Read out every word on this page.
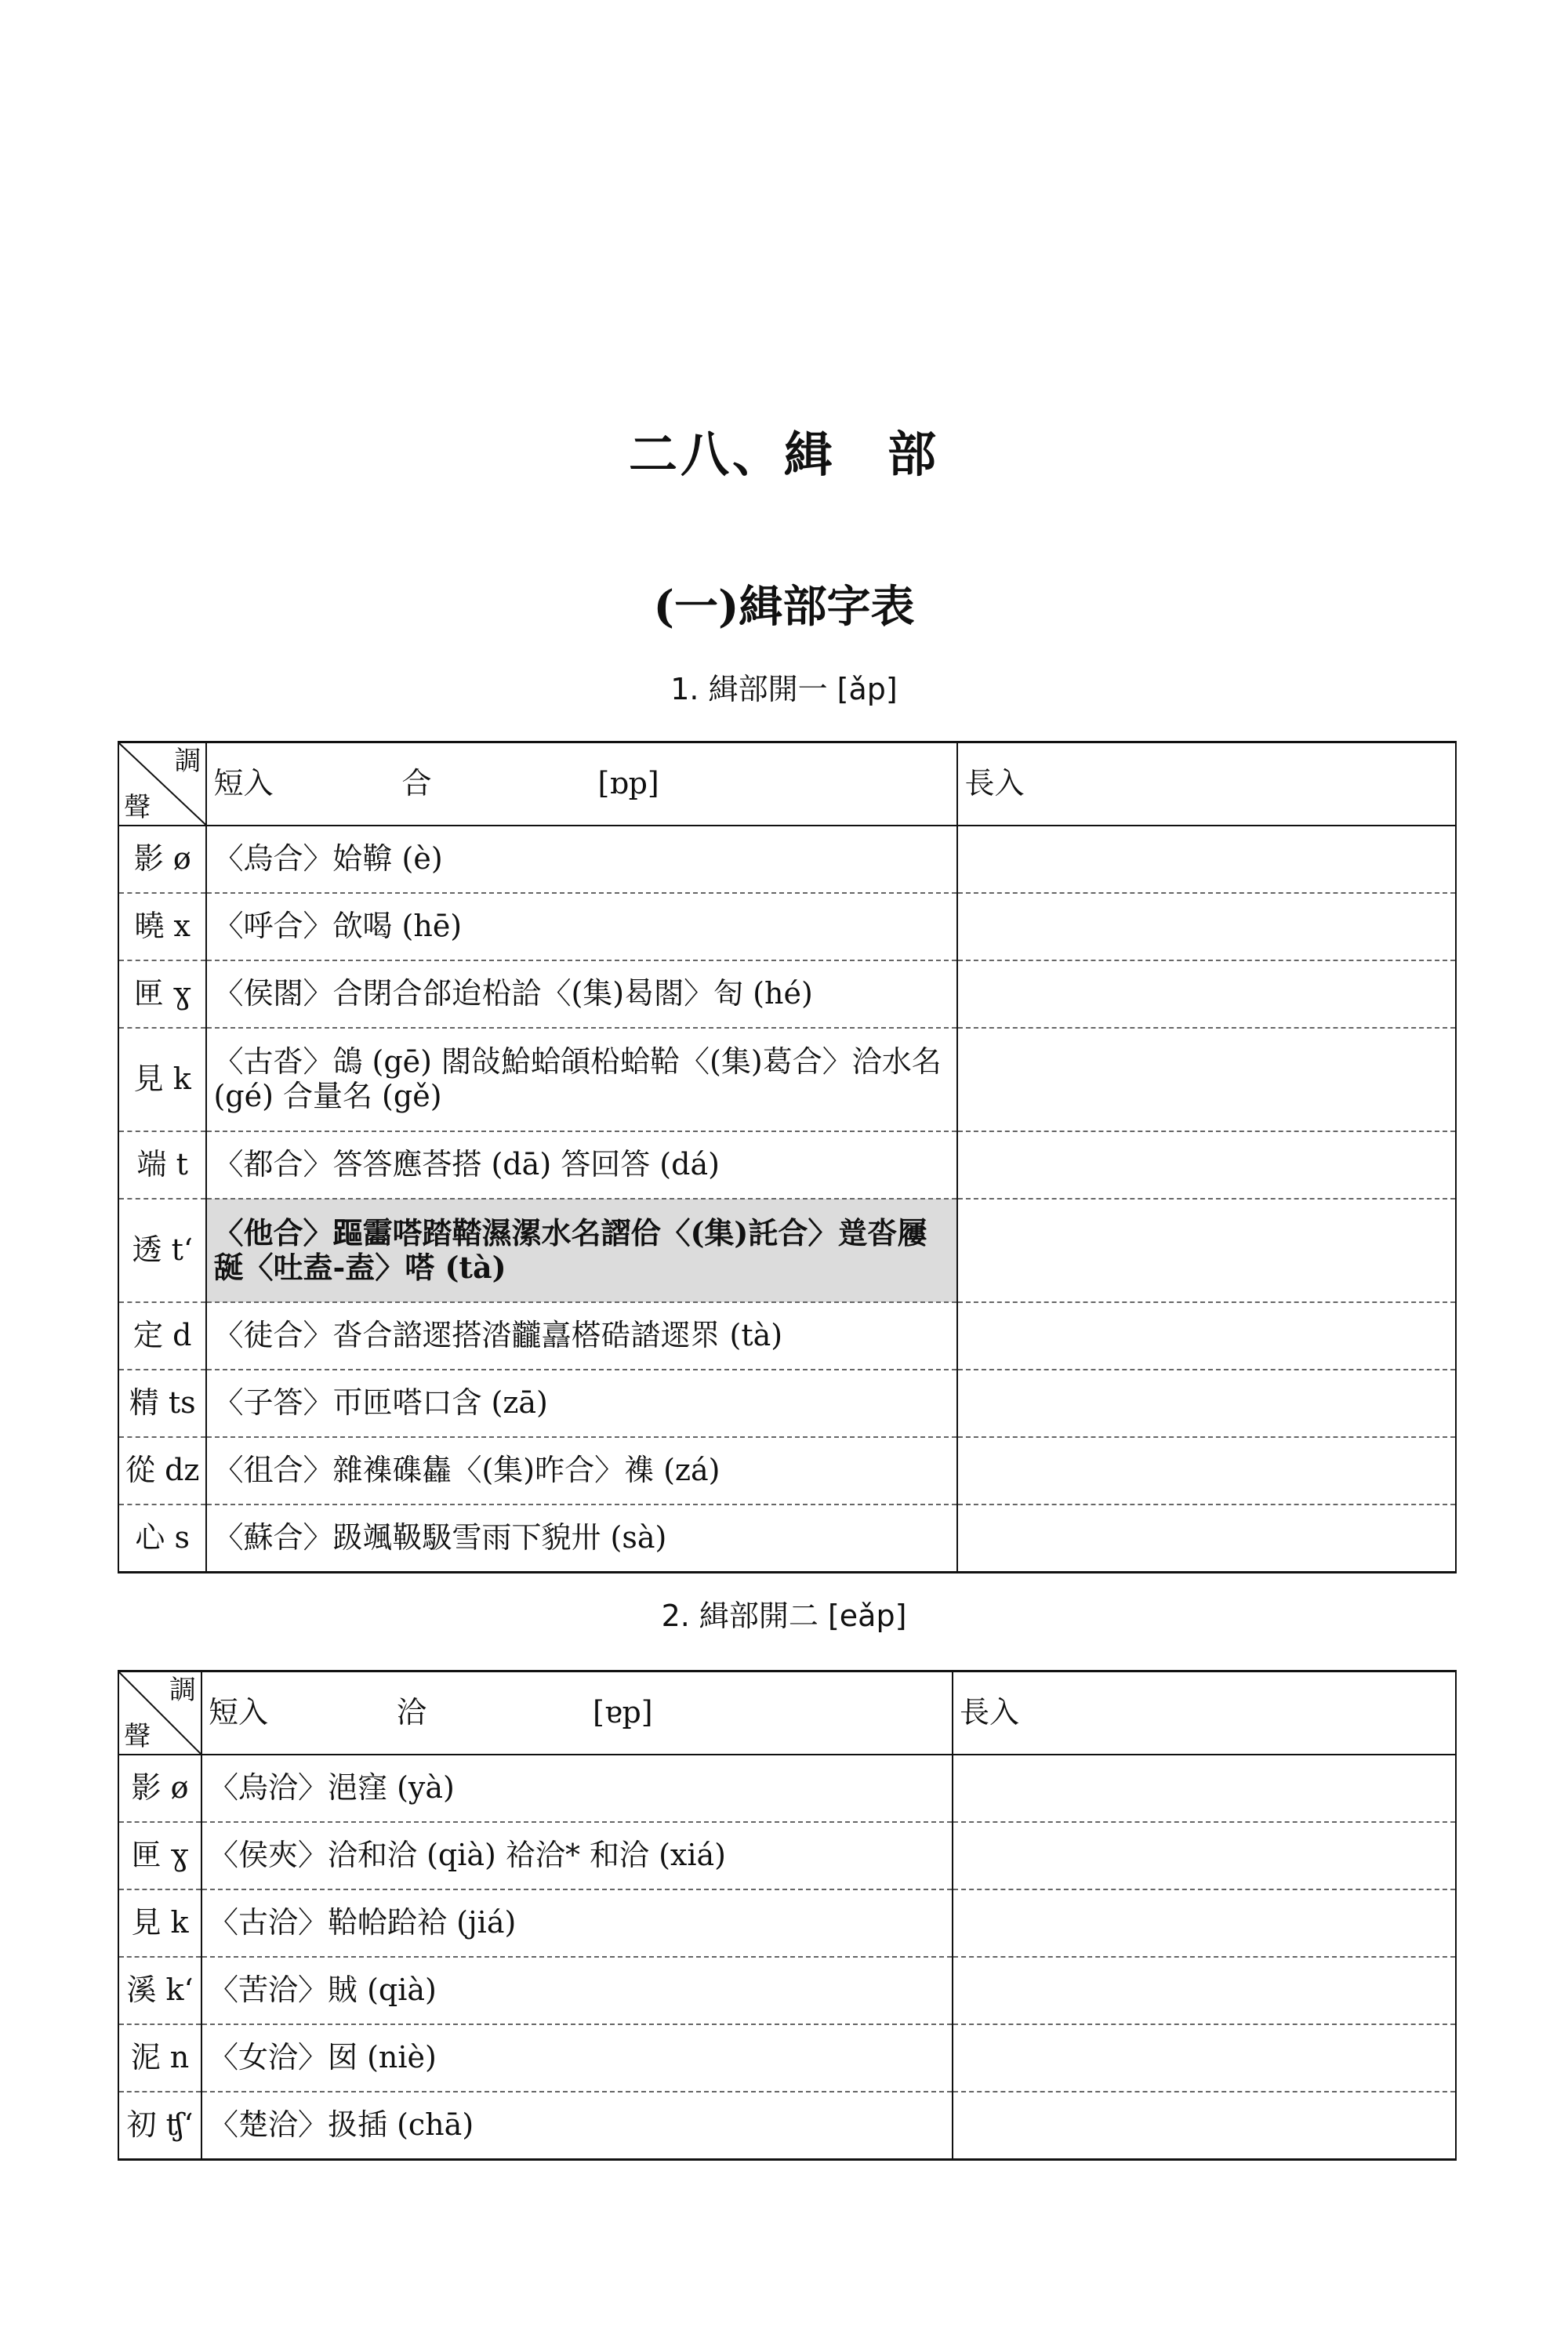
二八、緝　部
(一)緝部字表
1. 緝部開一 [ǎp]
調
聲	短入 合 [ɒp]	長入
影 ø	〈烏合〉姶鞥 (è)	
曉 x	〈呼合〉欱喝 (hē)	
匣 ɣ	〈侯閤〉合閉合郃迨柗詥〈(集)曷閤〉匌 (hé)	
見 k	〈古沓〉鴿 (gē) 閤敆鮯蛤頜柗蛤鞈〈(集)葛合〉洽水名 (gé) 合量名 (gě)	
端 t	〈都合〉答答應荅搭 (dā) 答回答 (dá)	
透 tʻ	〈他合〉𨄅𩆘嗒踏鞜濕漯水名謵佮〈(集)託合〉𨂝沓屨𦧝〈吐盍-盍〉嗒 (tà)	
定 d	〈徒合〉沓合諮遝搭涾龖譶榙硞誻遝眔 (tà)	
精 ts	〈子答〉帀匝嗒口含 (zā)	
從 dz	〈徂合〉雜襍磼雥〈(集)昨合〉襍 (zá)	
心 s	〈蘇合〉趿颯靸馺雪雨下貌卅 (sà)	
2. 緝部開二 [eǎp]
調
聲	短入 洽 [ɐp]	長入
影 ø	〈烏洽〉浥窪 (yà)	
匣 ɣ	〈侯夾〉洽和洽 (qià) 祫洽* 和洽 (xiá)	
見 k	〈古洽〉鞈帢跲袷 (jiá)	
溪 kʻ	〈苦洽〉賊 (qià)	
泥 n	〈女洽〉囡 (niè)	
初 ʧʻ	〈楚洽〉扱插 (chā)	
